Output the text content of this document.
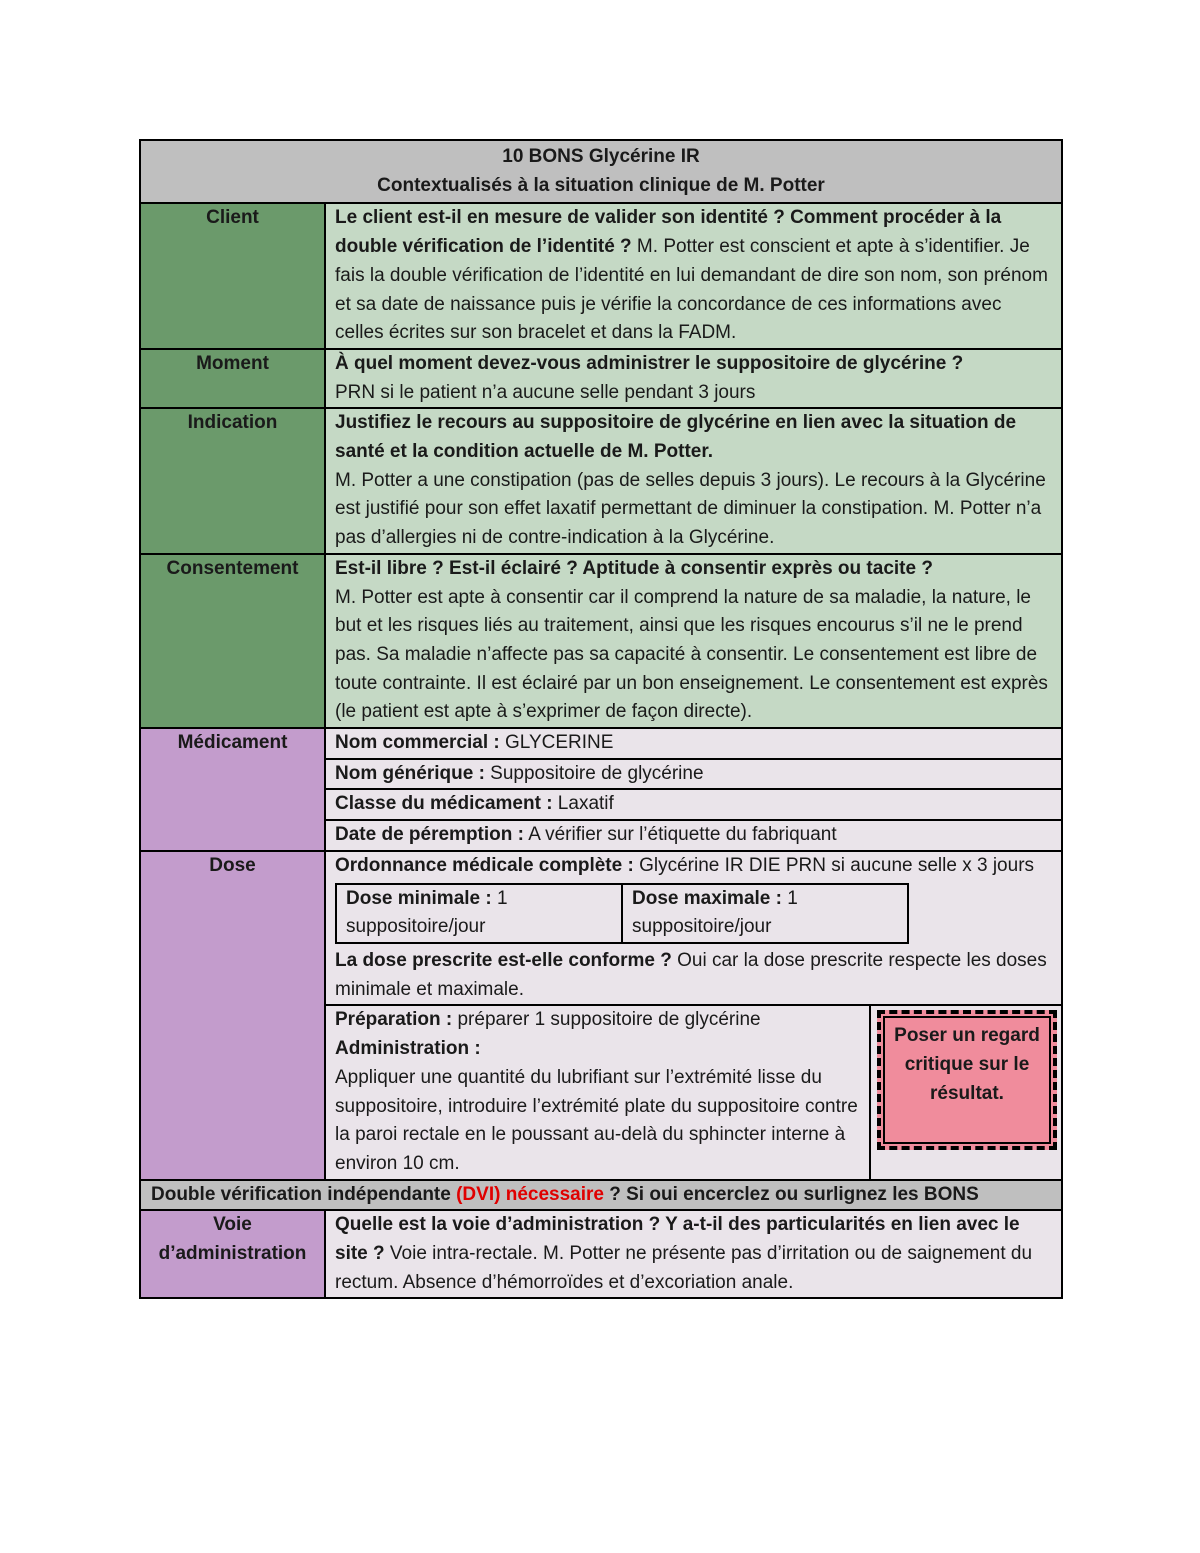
10 BONS Glycérine IR
Contextualisés à la situation clinique de M. Potter

Client	Le client est-il en mesure de valider son identité ? Comment procéder à la double vérification de l’identité ? M. Potter est conscient et apte à s’identifier. Je fais la double vérification de l’identité en lui demandant de dire son nom, son prénom et sa date de naissance puis je vérifie la concordance de ces informations avec celles écrites sur son bracelet et dans la FADM.
Moment	À quel moment devez-vous administrer le suppositoire de glycérine ?
PRN si le patient n’a aucune selle pendant 3 jours
Indication	Justifiez le recours au suppositoire de glycérine en lien avec la situation de santé et la condition actuelle de M. Potter.
M. Potter a une constipation (pas de selles depuis 3 jours). Le recours à la Glycérine est justifié pour son effet laxatif permettant de diminuer la constipation. M. Potter n’a pas d’allergies ni de contre-indication à la Glycérine.
Consentement	Est-il libre ? Est-il éclairé ? Aptitude à consentir exprès ou tacite ?
M. Potter est apte à consentir car il comprend la nature de sa maladie, la nature, le but et les risques liés au traitement, ainsi que les risques encourus s’il ne le prend pas. Sa maladie n’affecte pas sa capacité à consentir. Le consentement est libre de toute contrainte. Il est éclairé par un bon enseignement. Le consentement est exprès (le patient est apte à s’exprimer de façon directe).
Médicament	Nom commercial : GLYCERINE
Nom générique : Suppositoire de glycérine
Classe du médicament : Laxatif
Date de péremption : A vérifier sur l’étiquette du fabriquant

Dose	Ordonnance médicale complète : Glycérine IR DIE PRN si aucune selle x 3 jours
Dose minimale : 1 suppositoire/jour	Dose maximale : 1 suppositoire/jour
La dose prescrite est-elle conforme ? Oui car la dose prescrite respecte les doses minimale et maximale.
Préparation : préparer 1 suppositoire de glycérine
Administration :
Appliquer une quantité du lubrifiant sur l’extrémité lisse du suppositoire, introduire l’extrémité plate du suppositoire contre la paroi rectale en le poussant au-delà du sphincter interne à environ 10 cm.
Poser un regard critique sur le résultat.

Double vérification indépendante (DVI) nécessaire ? Si oui encerclez ou surlignez les BONS
Voie d’administration	Quelle est la voie d’administration ? Y a-t-il des particularités en lien avec le site ? Voie intra-rectale. M. Potter ne présente pas d’irritation ou de saignement du rectum. Absence d’hémorroïdes et d’excoriation anale.
